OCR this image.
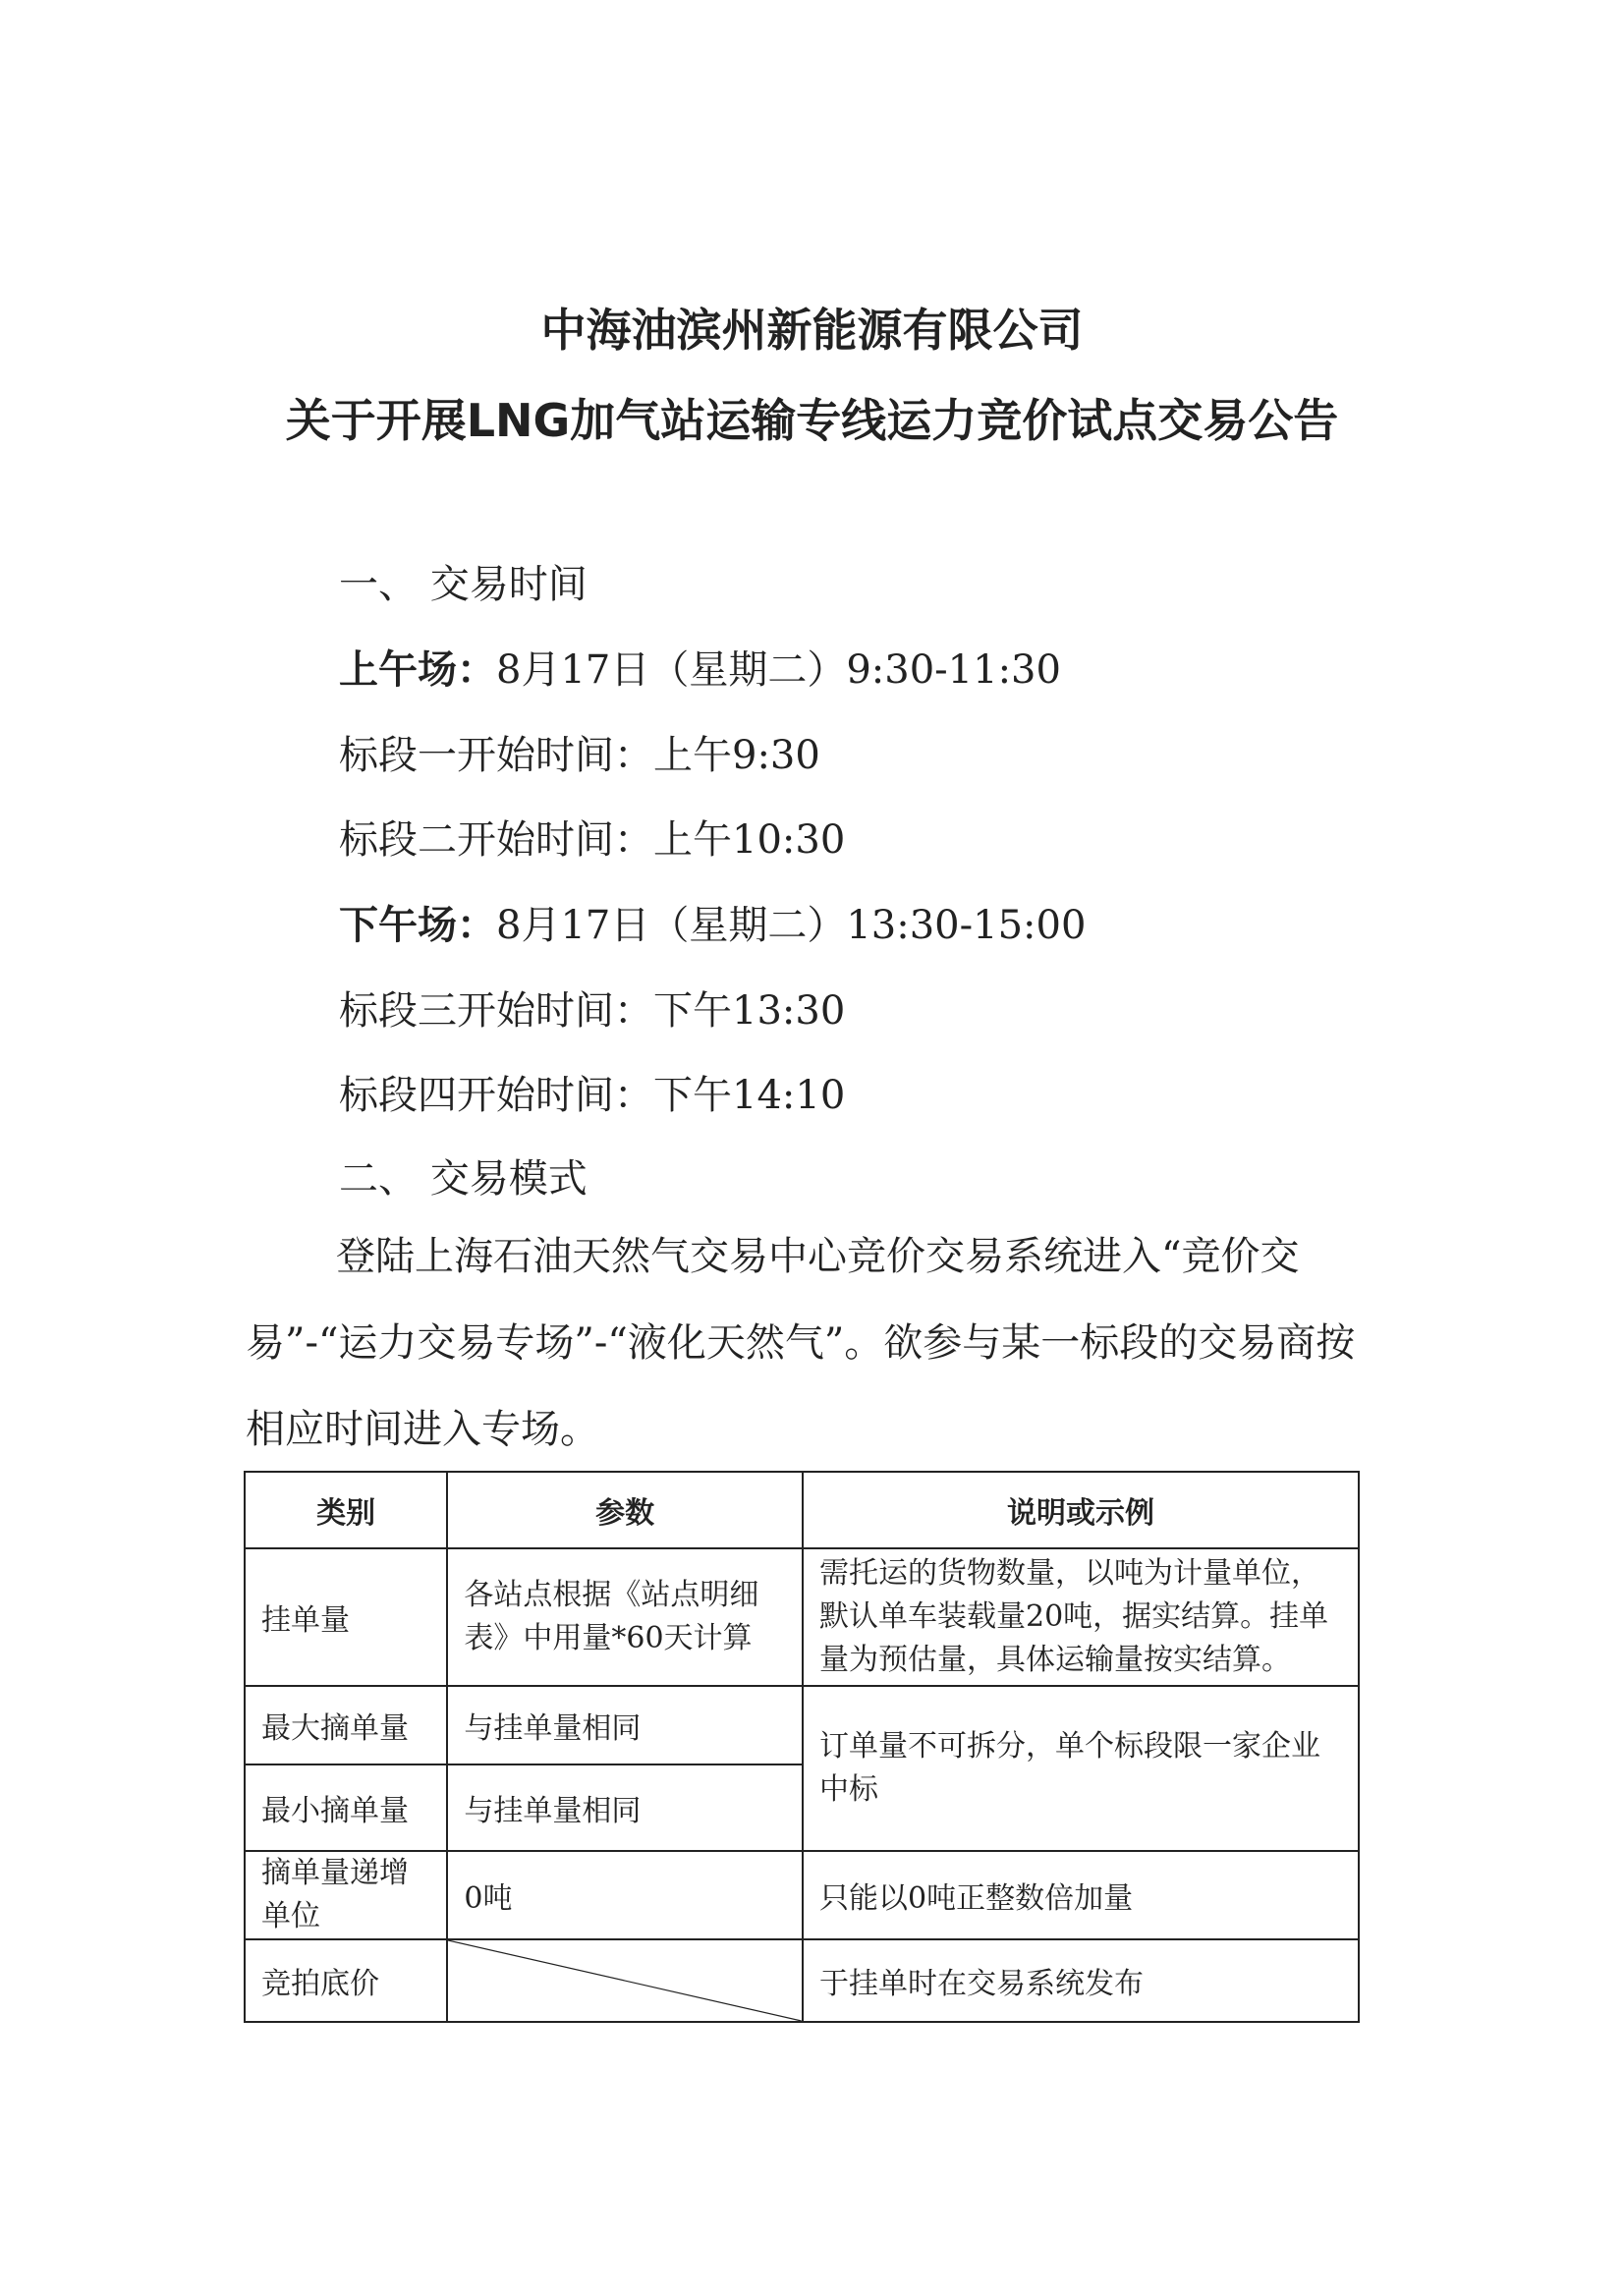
中海油滨州新能源有限公司
关于开展LNG加气站运输专线运力竞价试点交易公告
一、 交易时间
上午场：8月17日（星期二）9:30-11:30
标段一开始时间：上午9:30
标段二开始时间：上午10:30
下午场：8月17日（星期二）13:30-15:00
标段三开始时间：下午13:30
标段四开始时间：下午14:10
二、 交易模式
登陆上海石油天然气交易中心竞价交易系统进入“竞价交易”-“运力交易专场”-“液化天然气”。欲参与某一标段的交易商按相应时间进入专场。
类别	参数	说明或示例
挂单量	各站点根据《站点明细表》中用量*60天计算	需托运的货物数量，以吨为计量单位，默认单车装载量20吨，据实结算。挂单量为预估量，具体运输量按实结算。
最大摘单量	与挂单量相同	订单量不可拆分，单个标段限一家企业中标
最小摘单量	与挂单量相同	
摘单量递增单位	0吨	只能以0吨正整数倍加量
竞拍底价		于挂单时在交易系统发布
